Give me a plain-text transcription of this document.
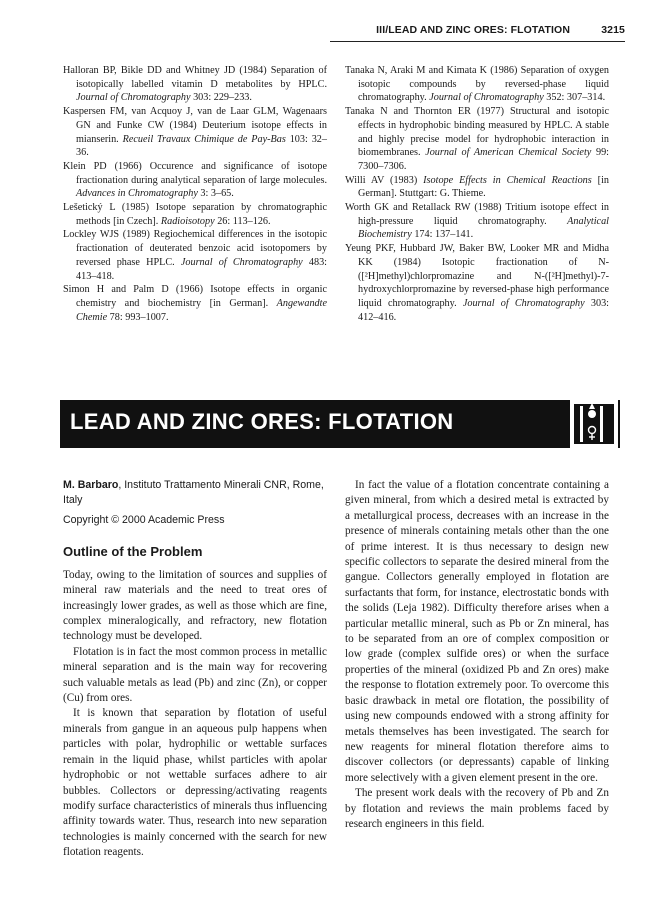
III/LEAD AND ZINC ORES: FLOTATION	3215

Halloran BP, Bikle DD and Whitney JD (1984) Separation of isotopically labelled vitamin D metabolites by HPLC. Journal of Chromatography 303: 229–233.

Kaspersen FM, van Acquoy J, van de Laar GLM, Wagenaars GN and Funke CW (1984) Deuterium isotope effects in mianserin. Recueil Travaux Chimique de Pay-Bas 103: 32–36.

Klein PD (1966) Occurence and significance of isotope fractionation during analytical separation of large molecules. Advances in Chromatography 3: 3–65.

Lešetický L (1985) Isotope separation by chromatographic methods [in Czech]. Radioisotopy 26: 113–126.

Lockley WJS (1989) Regiochemical differences in the isotopic fractionation of deuterated benzoic acid isotopomers by reversed phase HPLC. Journal of Chromatography 483: 413–418.

Simon H and Palm D (1966) Isotope effects in organic chemistry and biochemistry [in German]. Angewandte Chemie 78: 993–1007.

Tanaka N, Araki M and Kimata K (1986) Separation of oxygen isotopic compounds by reversed-phase liquid chromatography. Journal of Chromatography 352: 307–314.

Tanaka N and Thornton ER (1977) Structural and isotopic effects in hydrophobic binding measured by HPLC. A stable and highly precise model for hydrophobic interaction in biomembranes. Journal of American Chemical Society 99: 7300–7306.

Willi AV (1983) Isotope Effects in Chemical Reactions [in German]. Stuttgart: G. Thieme.

Worth GK and Retallack RW (1988) Tritium isotope effect in high-pressure liquid chromatography. Analytical Biochemistry 174: 137–141.

Yeung PKF, Hubbard JW, Baker BW, Looker MR and Midha KK (1984) Isotopic fractionation of N-([²H]methyl)chlorpromazine and N-([²H]methyl)-7-hydroxychlorpromazine by reversed-phase high performance liquid chromatography. Journal of Chromatography 303: 412–416.

LEAD AND ZINC ORES: FLOTATION

M. Barbaro, Instituto Trattamento Minerali CNR, Rome, Italy

Copyright © 2000 Academic Press

Outline of the Problem

Today, owing to the limitation of sources and supplies of mineral raw materials and the need to treat ores of increasingly lower grades, as well as those which are fine, complex mineralogically, and refractory, new flotation technology must be developed.

Flotation is in fact the most common process in metallic mineral separation and is the main way for recovering such valuable metals as lead (Pb) and zinc (Zn), or copper (Cu) from ores.

It is known that separation by flotation of useful minerals from gangue in an aqueous pulp happens when particles with polar, hydrophilic or wettable surfaces remain in the liquid phase, whilst particles with apolar hydrophobic or not wettable surfaces adhere to air bubbles. Collectors or depressing/activating reagents modify surface characteristics of minerals thus influencing affinity towards water. Thus, research into new separation technologies is mainly concerned with the search for new flotation reagents.

In fact the value of a flotation concentrate containing a given mineral, from which a desired metal is extracted by a metallurgical process, decreases with an increase in the presence of minerals containing metals other than the one of prime interest. It is thus necessary to design new specific collectors to separate the desired mineral from the gangue. Collectors generally employed in flotation are surfactants that form, for instance, electrostatic bonds with the solids (Leja 1982). Difficulty therefore arises when a particular metallic mineral, such as Pb or Zn mineral, has to be separated from an ore of complex composition or low grade (complex sulfide ores) or when the surface properties of the mineral (oxidized Pb and Zn ores) make the response to flotation extremely poor. To overcome this basic drawback in metal ore flotation, the possibility of using new compounds endowed with a strong affinity for metals themselves has been investigated. The search for new reagents for mineral flotation therefore aims to discover collectors (or depressants) capable of linking more selectively with a given element present in the ore.

The present work deals with the recovery of Pb and Zn by flotation and reviews the main problems faced by research engineers in this field.
